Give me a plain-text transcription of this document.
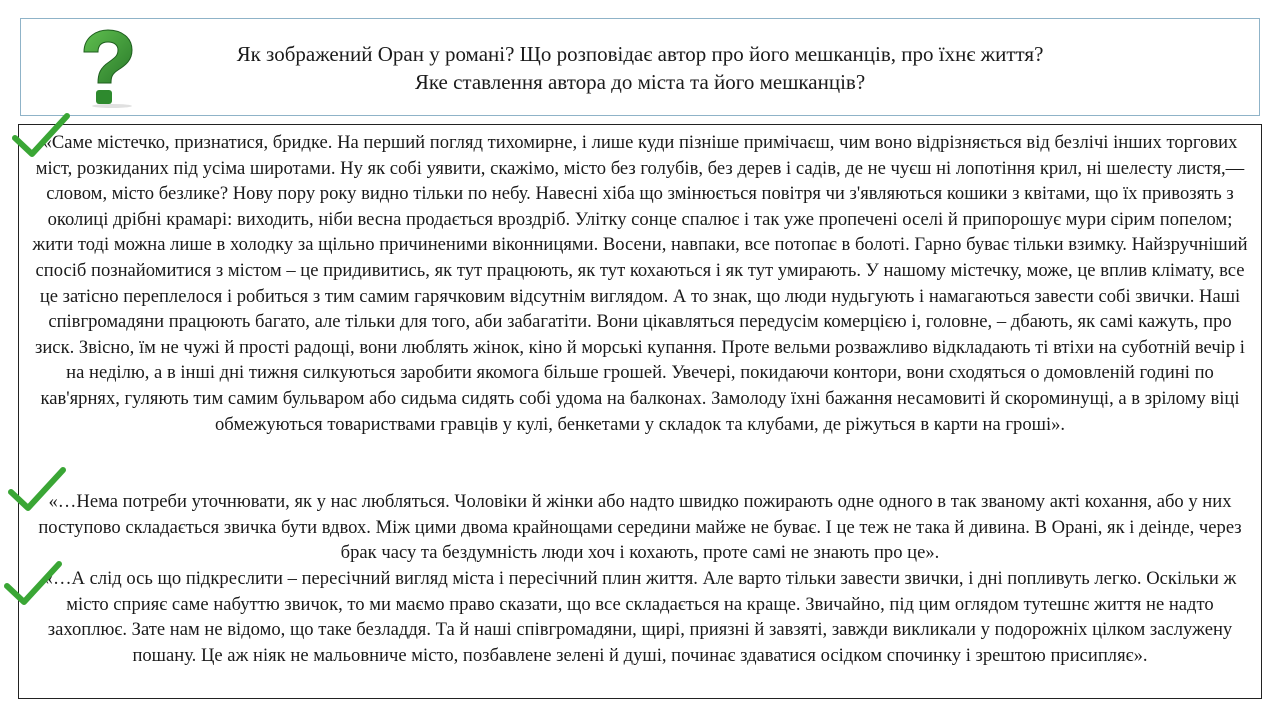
Як зображений Оран у романі? Що розповідає автор про його мешканців, про їхнє життя?
Яке ставлення автора до міста та його мешканців?

«Саме містечко, признатися, бридке. На перший погляд тихомирне, і лише куди пізніше примічаєш, чим воно відрізняється від безлічі інших торгових міст, розкиданих під усіма широтами. Ну як собі уявити, скажімо, місто без голубів, без дерев і садів, де не чуєш ні лопотіння крил, ні шелесту листя,— словом, місто безлике? Нову пору року видно тільки по небу. Навесні хіба що змінюється повітря чи з'являються кошики з квітами, що їх привозять з околиці дрібні крамарі: виходить, ніби весна продається вроздріб. Улітку сонце спалює і так уже пропечені оселі й припорошує мури сірим попелом; жити тоді можна лише в холодку за щільно причиненими віконницями. Восени, навпаки, все потопає в болоті. Гарно буває тільки взимку. Найзручніший спосіб познайомитися з містом – це придивитись, як тут працюють, як тут кохаються і як тут умирають. У нашому містечку, може, це вплив клімату, все це затісно переплелося і робиться з тим самим гарячковим відсутнім виглядом. А то знак, що люди нудьгують і намагаються завести собі звички. Наші співгромадяни працюють багато, але тільки для того, аби забагатіти. Вони цікавляться передусім комерцією і, головне, – дбають, як самі кажуть, про зиск. Звісно, їм не чужі й прості радощі, вони люблять жінок, кіно й морські купання. Проте вельми розважливо відкладають ті втіхи на суботній вечір і на неділю, а в інші дні тижня силкуються заробити якомога більше грошей. Увечері, покидаючи контори, вони сходяться о домовленій годині по кав'ярнях, гуляють тим самим бульваром або сидьма сидять собі удома на балконах. Замолоду їхні бажання несамовиті й скороминущі, а в зрілому віці обмежуються товариствами гравців у кулі, бенкетами у складок та клубами, де ріжуться в карти на гроші».

«…Нема потреби уточнювати, як у нас любляться. Чоловіки й жінки або надто швидко пожирають одне одного в так званому акті кохання, або у них поступово складається звичка бути вдвох. Між цими двома крайнощами середини майже не буває. І це теж не така й дивина. В Орані, як і деінде, через брак часу та бездумність люди хоч і кохають, проте самі не знають про це».

«…А слід ось що підкреслити – пересічний вигляд міста і пересічний плин життя. Але варто тільки завести звички, і дні попливуть легко. Оскільки ж місто сприяє саме набуттю звичок, то ми маємо право сказати, що все складається на краще. Звичайно, під цим оглядом тутешнє життя не надто захоплює. Зате нам не відомо, що таке безладдя. Та й наші співгромадяни, щирі, приязні й завзяті, завжди викликали у подорожніх цілком заслужену пошану. Це аж ніяк не мальовниче місто, позбавлене зелені й душі, починає здаватися осідком спочинку і зрештою присипляє».
